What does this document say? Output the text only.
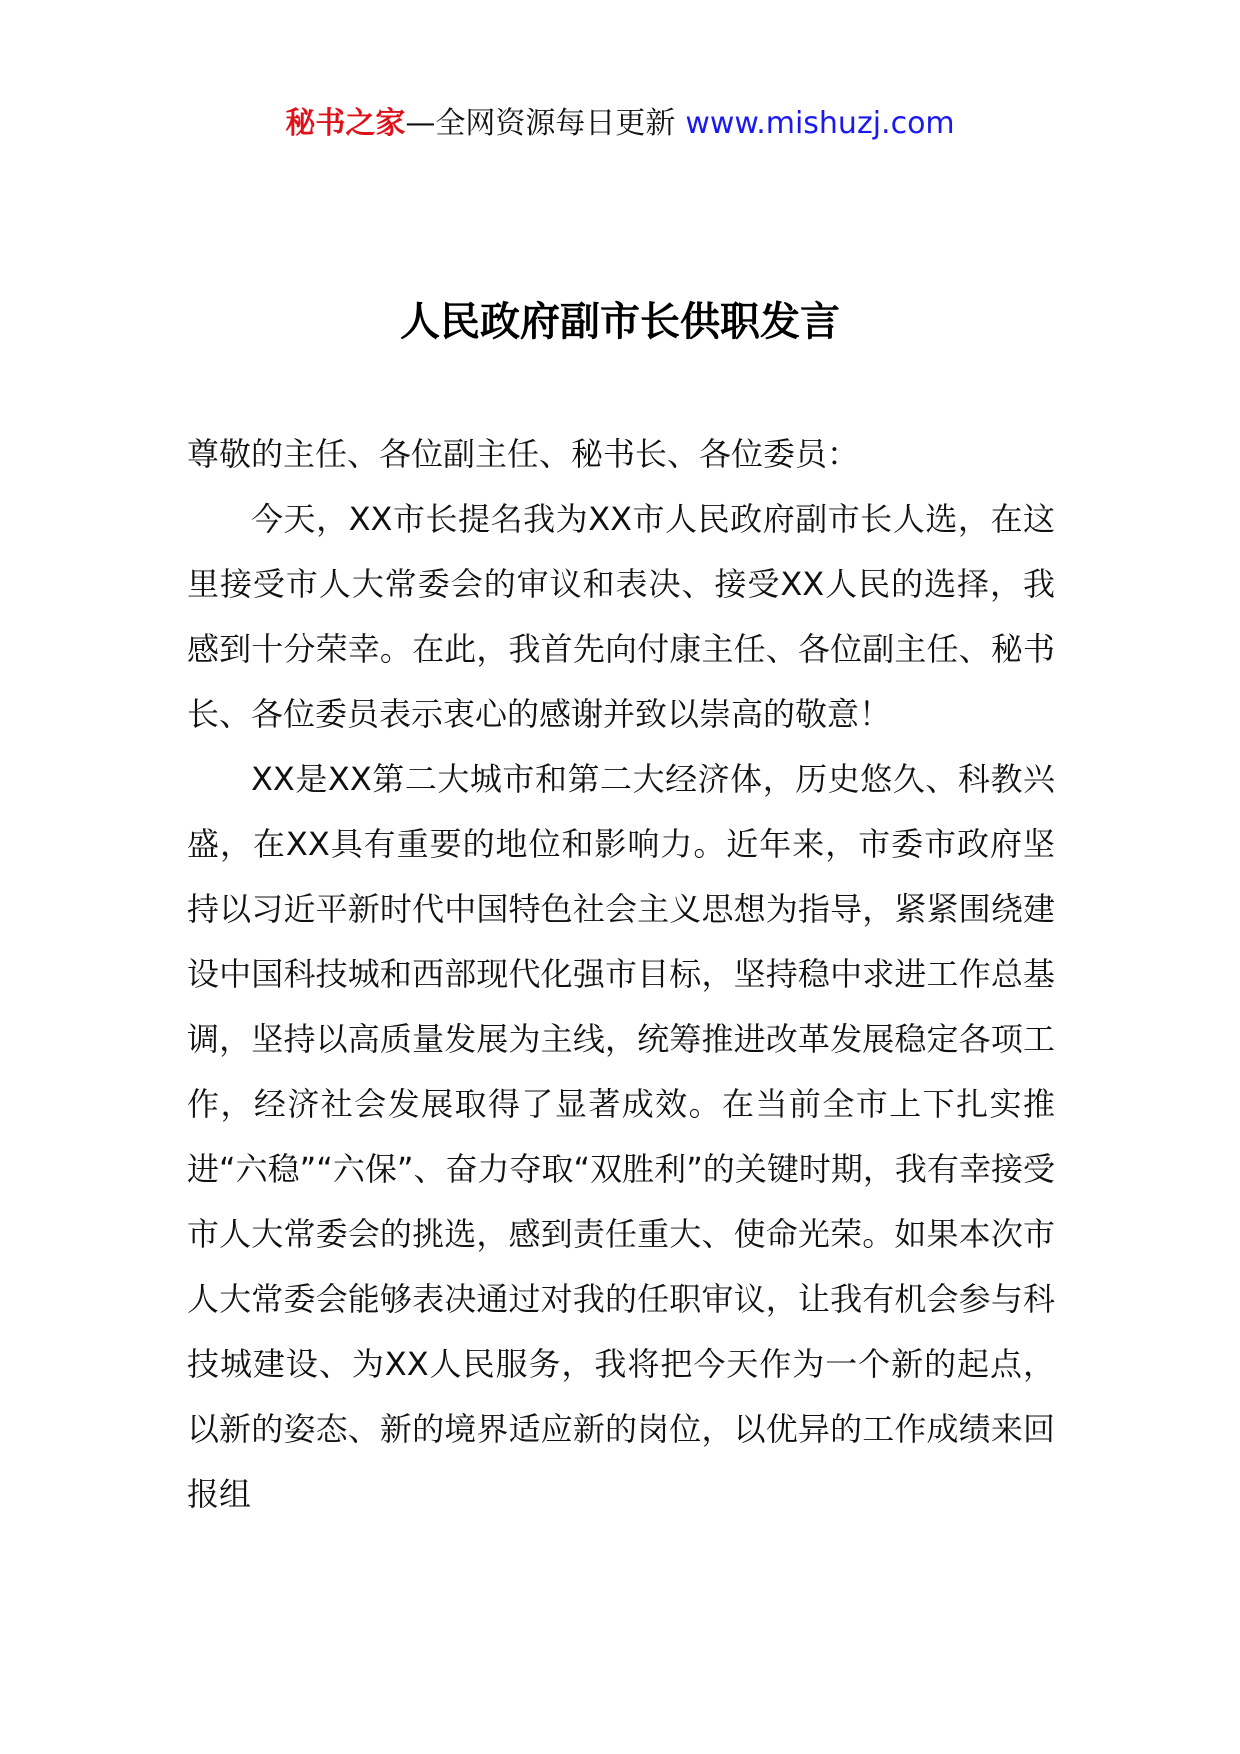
秘书之家—全网资源每日更新 www.mishuzj.com
人民政府副市长供职发言

尊敬的主任、各位副主任、秘书长、各位委员：

今天，XX市长提名我为XX市人民政府副市长人选，在这里接受市人大常委会的审议和表决、接受XX人民的选择，我感到十分荣幸。在此，我首先向付康主任、各位副主任、秘书长、各位委员表示衷心的感谢并致以崇高的敬意！

XX是XX第二大城市和第二大经济体，历史悠久、科教兴盛，在XX具有重要的地位和影响力。近年来，市委市政府坚持以习近平新时代中国特色社会主义思想为指导，紧紧围绕建设中国科技城和西部现代化强市目标，坚持稳中求进工作总基调，坚持以高质量发展为主线，统筹推进改革发展稳定各项工作，经济社会发展取得了显著成效。在当前全市上下扎实推进“六稳”“六保”、奋力夺取“双胜利”的关键时期，我有幸接受市人大常委会的挑选，感到责任重大、使命光荣。如果本次市人大常委会能够表决通过对我的任职审议，让我有机会参与科技城建设、为XX人民服务，我将把今天作为一个新的起点，以新的姿态、新的境界适应新的岗位，以优异的工作成绩来回报组
